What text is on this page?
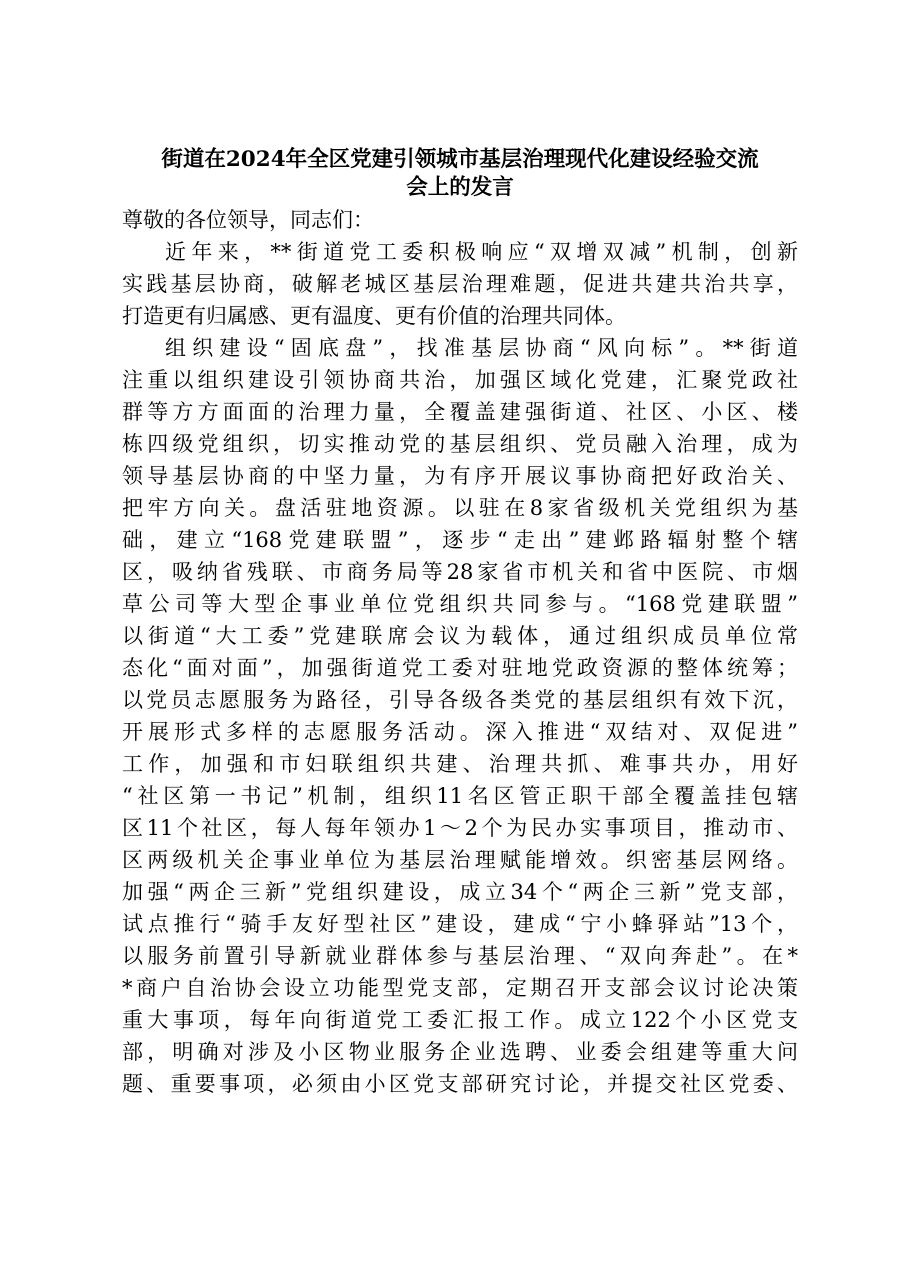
街道在2024年全区党建引领城市基层治理现代化建设经验交流
会上的发言
尊敬的各位领导，同志们：
近年来，**街道党工委积极响应“双增双减”机制，创新
实践基层协商，破解老城区基层治理难题，促进共建共治共享，
打造更有归属感、更有温度、更有价值的治理共同体。
组织建设“固底盘”，找准基层协商“风向标”。**街道
注重以组织建设引领协商共治，加强区域化党建，汇聚党政社
群等方方面面的治理力量，全覆盖建强街道、社区、小区、楼
栋四级党组织，切实推动党的基层组织、党员融入治理，成为
领导基层协商的中坚力量，为有序开展议事协商把好政治关、
把牢方向关。盘活驻地资源。以驻在8家省级机关党组织为基
础，建立“168党建联盟”，逐步“走出”建邺路辐射整个辖
区，吸纳省残联、市商务局等28家省市机关和省中医院、市烟
草公司等大型企事业单位党组织共同参与。“168党建联盟”
以街道“大工委”党建联席会议为载体，通过组织成员单位常
态化“面对面”，加强街道党工委对驻地党政资源的整体统筹；
以党员志愿服务为路径，引导各级各类党的基层组织有效下沉，
开展形式多样的志愿服务活动。深入推进“双结对、双促进”
工作，加强和市妇联组织共建、治理共抓、难事共办，用好
“社区第一书记”机制，组织11名区管正职干部全覆盖挂包辖
区11个社区，每人每年领办1～2个为民办实事项目，推动市、
区两级机关企事业单位为基层治理赋能增效。织密基层网络。
加强“两企三新”党组织建设，成立34个“两企三新”党支部，
试点推行“骑手友好型社区”建设，建成“宁小蜂驿站”13个，
以服务前置引导新就业群体参与基层治理、“双向奔赴”。在*
*商户自治协会设立功能型党支部，定期召开支部会议讨论决策
重大事项，每年向街道党工委汇报工作。成立122个小区党支
部，明确对涉及小区物业服务企业选聘、业委会组建等重大问
题、重要事项，必须由小区党支部研究讨论，并提交社区党委、
